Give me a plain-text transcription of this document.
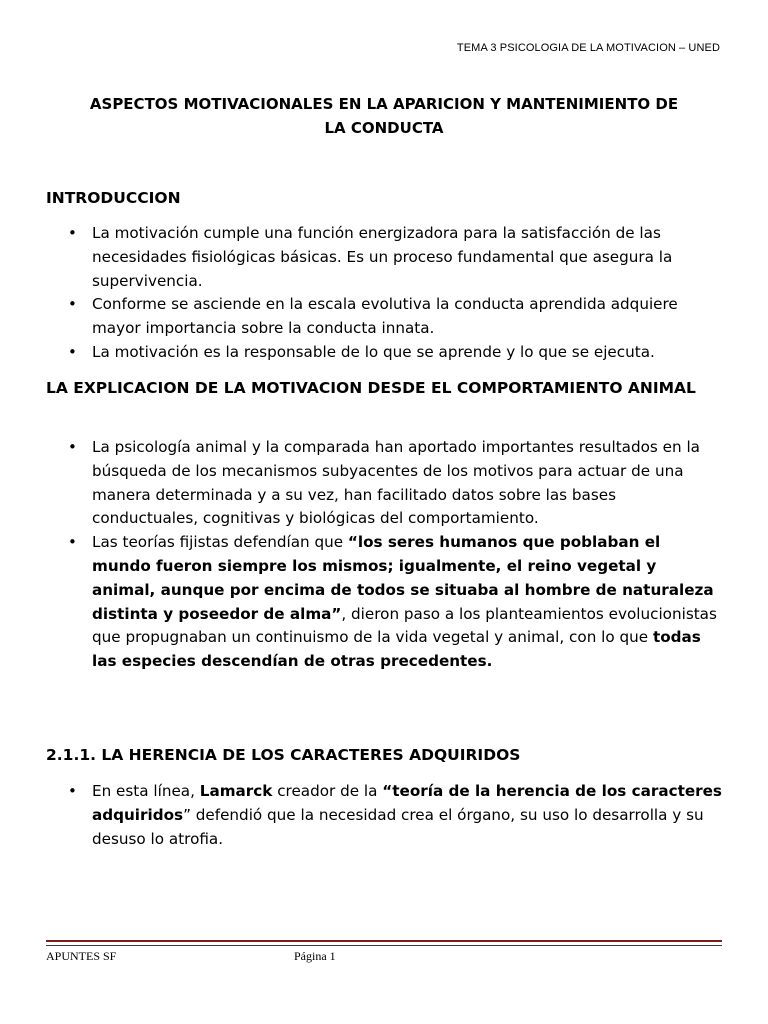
TEMA 3 PSICOLOGIA DE LA MOTIVACION – UNED
ASPECTOS MOTIVACIONALES EN LA APARICION Y MANTENIMIENTO DE
LA CONDUCTA
INTRODUCCION
• La motivación cumple una función energizadora para la satisfacción de las necesidades fisiológicas básicas. Es un proceso fundamental que asegura la supervivencia.
• Conforme se asciende en la escala evolutiva la conducta aprendida adquiere mayor importancia sobre la conducta innata.
• La motivación es la responsable de lo que se aprende y lo que se ejecuta.
LA EXPLICACION DE LA MOTIVACION DESDE EL COMPORTAMIENTO ANIMAL
• La psicología animal y la comparada han aportado importantes resultados en la búsqueda de los mecanismos subyacentes de los motivos para actuar de una manera determinada y a su vez, han facilitado datos sobre las bases conductuales, cognitivas y biológicas del comportamiento.
• Las teorías fijistas defendían que “los seres humanos que poblaban el mundo fueron siempre los mismos; igualmente, el reino vegetal y animal, aunque por encima de todos se situaba al hombre de naturaleza distinta y poseedor de alma”, dieron paso a los planteamientos evolucionistas que propugnaban un continuismo de la vida vegetal y animal, con lo que todas las especies descendían de otras precedentes.
2.1.1. LA HERENCIA DE LOS CARACTERES ADQUIRIDOS
• En esta línea, Lamarck creador de la “teoría de la herencia de los caracteres adquiridos” defendió que la necesidad crea el órgano, su uso lo desarrolla y su desuso lo atrofia.
APUNTES SF	Página 1
